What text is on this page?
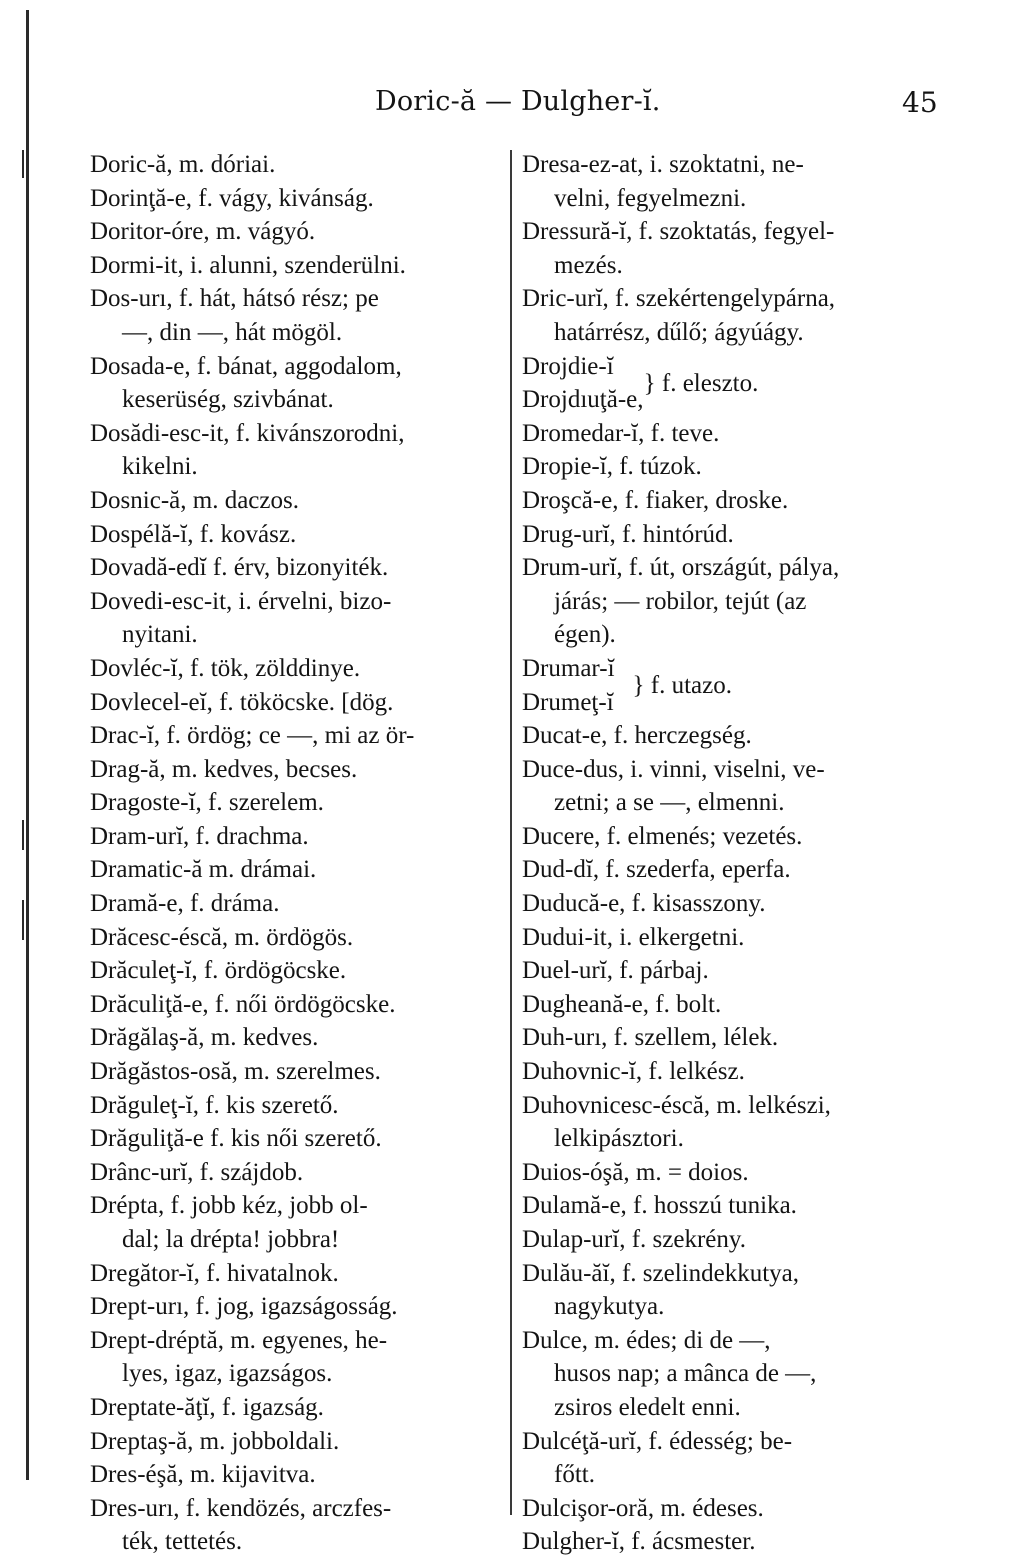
Doric-ă — Dulgher-ĭ.	45
Doric-ă, m. dóriai.
Dorinţă-e, f. vágy, kivánság.
Doritor-óre, m. vágyó.
Dormi-it, i. alunni, szenderülni.
Dos-urı, f. hát, hátsó rész; pe
—, din —, hát mögöl.
Dosada-e, f. bánat, aggodalom,
keserüség, szivbánat.
Dosădi-esc-it, f. kivánszorodni,
kikelni.
Dosnic-ă, m. daczos.
Dospélă-ĭ, f. kovász.
Dovadă-edĭ f. érv, bizonyiték.
Dovedi-esc-it, i. érvelni, bizo-
nyitani.
Dovléc-ĭ, f. tök, zölddinye.
Dovlecel-eĭ, f. tököcske. [dög.
Drac-ĭ, f. ördög; ce —, mi az ör-
Drag-ă, m. kedves, becses.
Dragoste-ĭ, f. szerelem.
Dram-urĭ, f. drachma.
Dramatic-ă m. drámai.
Dramă-e, f. dráma.
Drăcesc-éscă, m. ördögös.
Drăculeţ-ĭ, f. ördögöcske.
Drăculiţă-e, f. női ördögöcske.
Drăgălaş-ă, m. kedves.
Drăgăstos-osă, m. szerelmes.
Drăguleţ-ĭ, f. kis szerető.
Drăguliţă-e f. kis női szerető.
Drânc-urĭ, f. szájdob.
Drépta, f. jobb kéz, jobb ol-
dal; la drépta! jobbra!
Dregător-ĭ, f. hivatalnok.
Drept-urı, f. jog, igazságosság.
Drept-dréptă, m. egyenes, he-
lyes, igaz, igazságos.
Dreptate-ăţĭ, f. igazság.
Dreptaş-ă, m. jobboldali.
Dres-éşă, m. kijavitva.
Dres-urı, f. kendözés, arczfes-
ték, tettetés.
Dresa-ez-at, i. szoktatni, ne-
velni, fegyelmezni.
Dressură-ĭ, f. szoktatás, fegyel-
mezés.
Dric-urĭ, f. szekértengelypárna,
határrész, dűlő; ágyúágy.
Drojdie-ĭ} f. eleszto.
Drojdıuţă-e,
Dromedar-ĭ, f. teve.
Dropie-ĭ, f. túzok.
Droşcă-e, f. fiaker, droske.
Drug-urĭ, f. hintórúd.
Drum-urĭ, f. út, országút, pálya,
járás; — robilor, tejút (az
égen).
Drumar-ĭ} f. utazo.
Drumeţ-ĭ
Ducat-e, f. herczegség.
Duce-dus, i. vinni, viselni, ve-
zetni; a se —, elmenni.
Ducere, f. elmenés; vezetés.
Dud-dĭ, f. szederfa, eperfa.
Duducă-e, f. kisasszony.
Dudui-it, i. elkergetni.
Duel-urĭ, f. párbaj.
Dugheană-e, f. bolt.
Duh-urı, f. szellem, lélek.
Duhovnic-ĭ, f. lelkész.
Duhovnicesc-éscă, m. lelkészi,
lelkipásztori.
Duios-óşă, m. = doios.
Dulamă-e, f. hosszú tunika.
Dulap-urĭ, f. szekrény.
Dulău-ăĭ, f. szelindekkutya,
nagykutya.
Dulce, m. édes; di de —,
husos nap; a mânca de —,
zsiros eledelt enni.
Dulcéţă-urĭ, f. édesség; be-
főtt.
Dulcişor-oră, m. édeses.
Dulgher-ĭ, f. ácsmester.
